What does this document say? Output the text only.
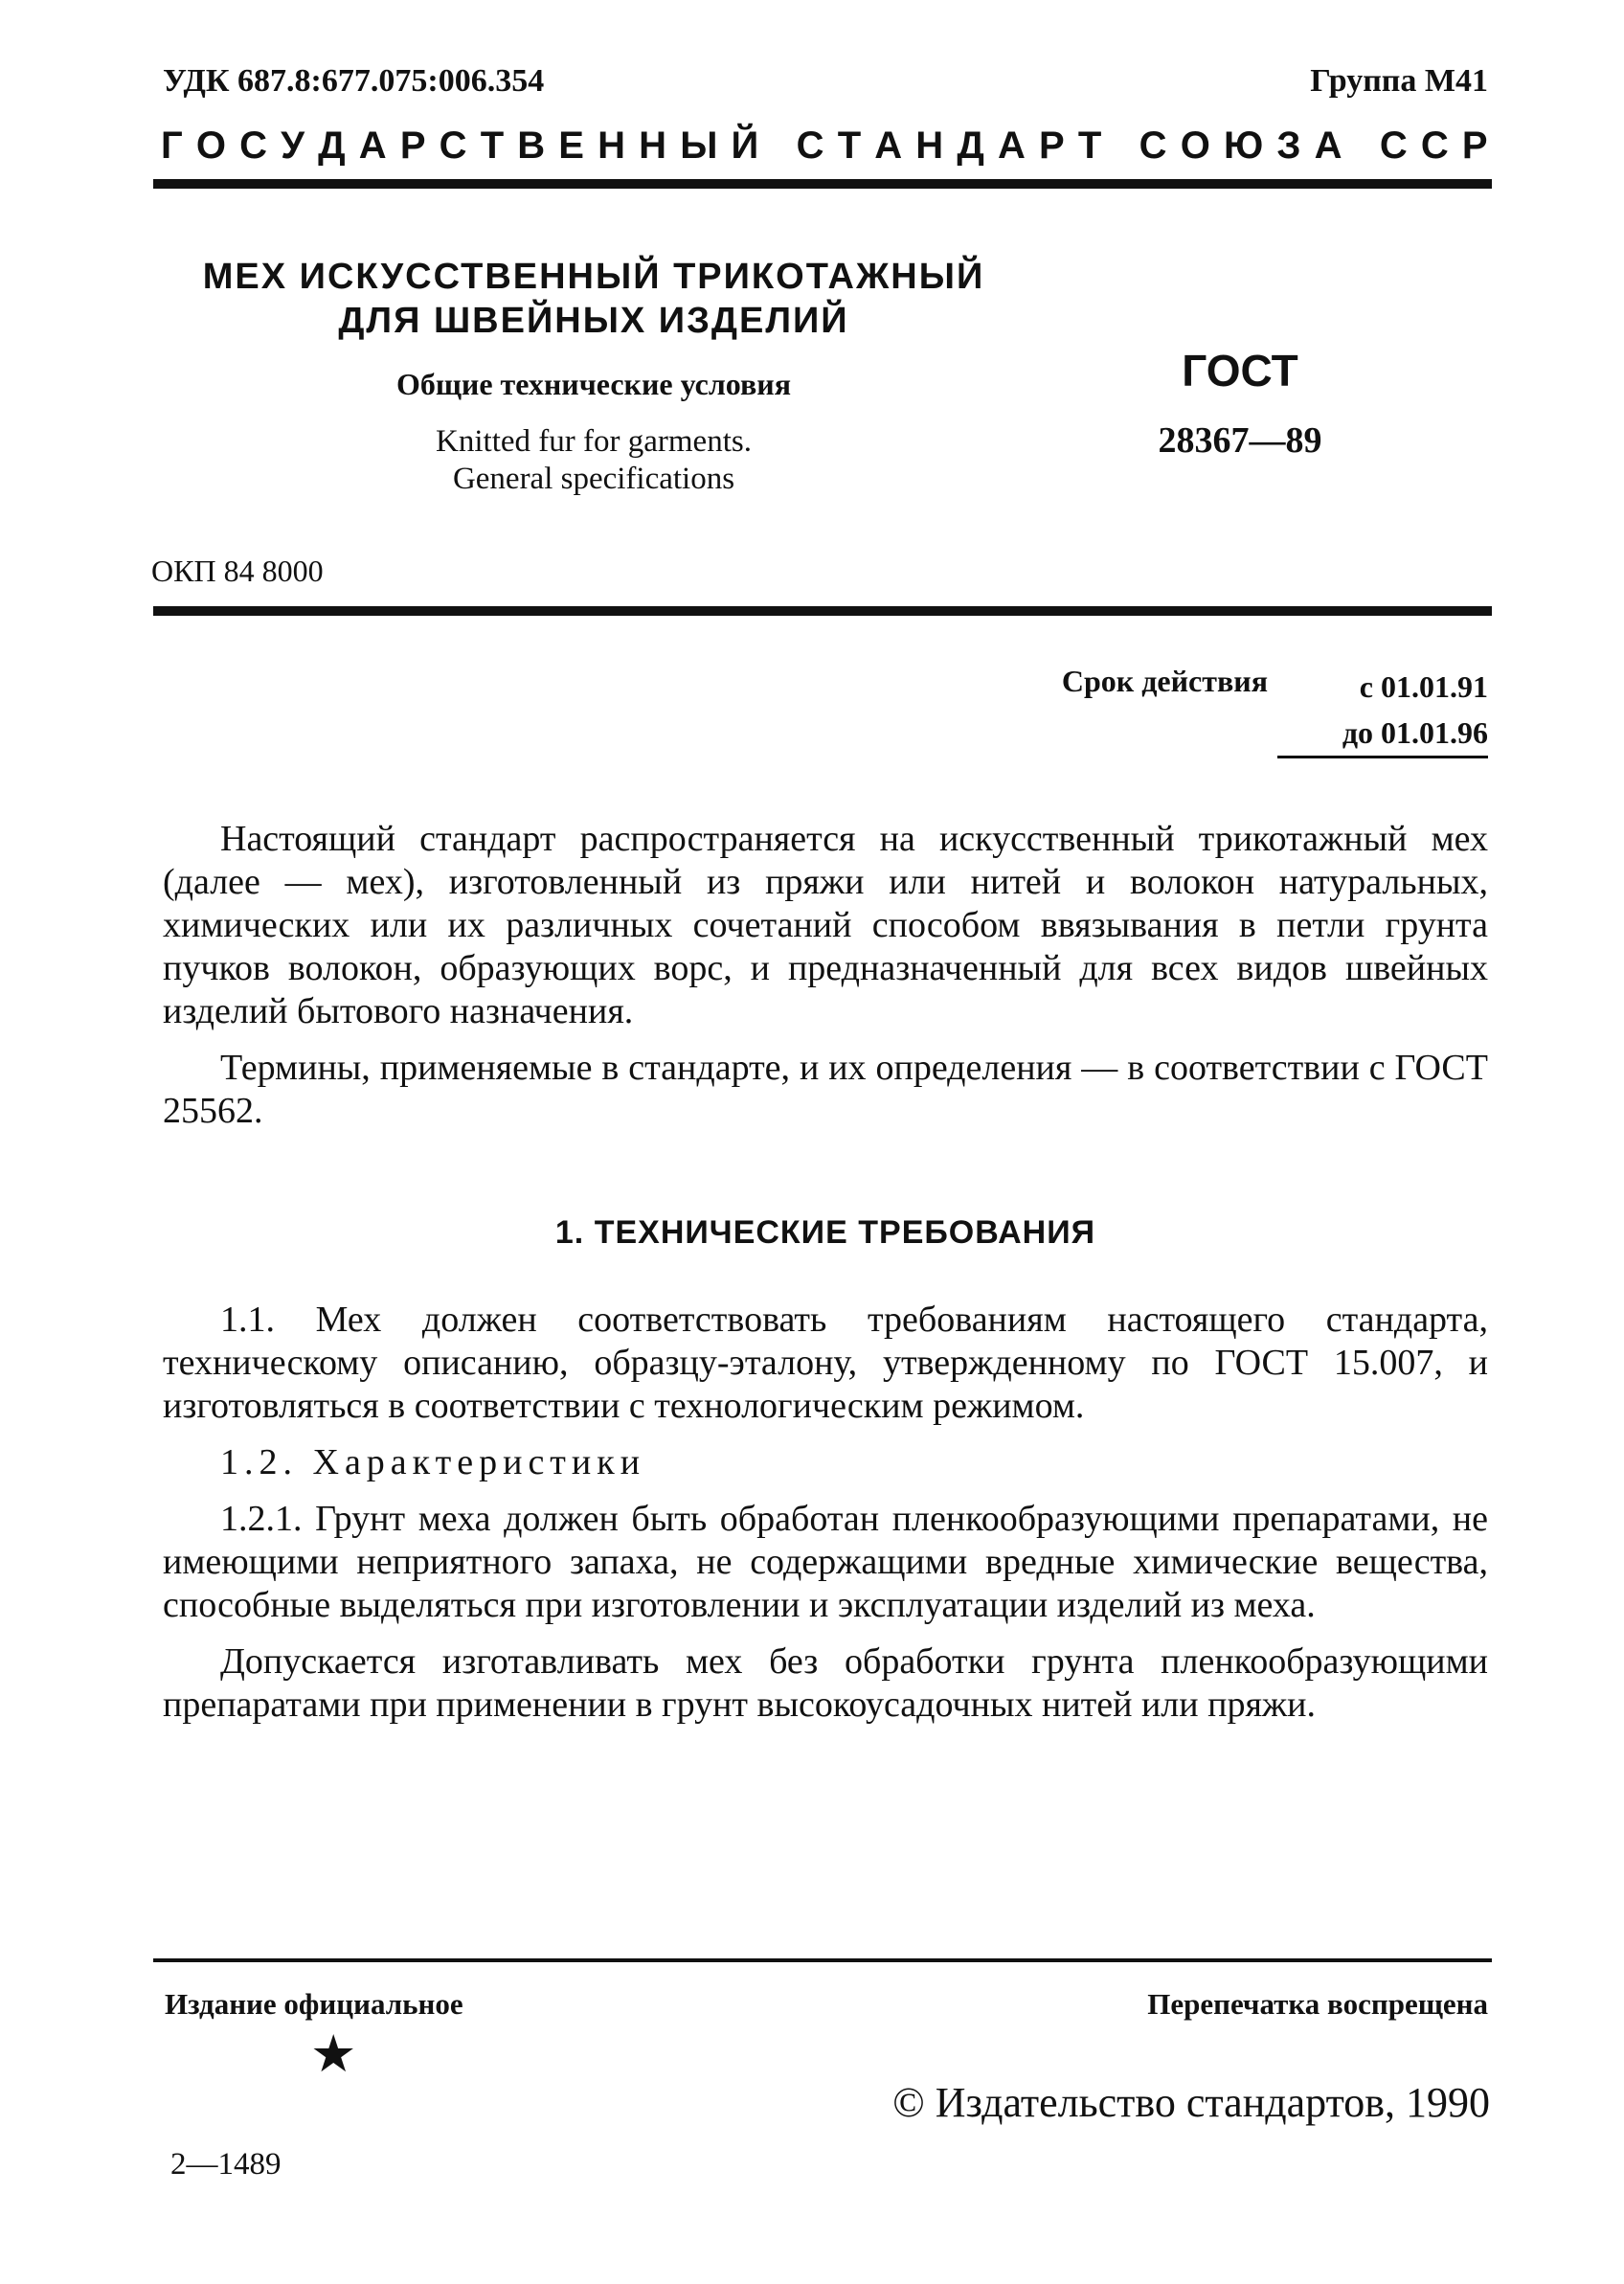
УДК 687.8:677.075:006.354	Группа М41
Г О С У Д А Р С Т В Е Н Н Ы Й
С Т А Н Д А Р Т
С О Ю З А
С С Р
МЕХ ИСКУССТВЕННЫЙ ТРИКОТАЖНЫЙ
ДЛЯ ШВЕЙНЫХ ИЗДЕЛИЙ
Общие технические условия
Knitted fur for garments.
General specifications
ГОСТ
28367—89
ОКП 84 8000
Срок действия	с 01.01.91
до 01.01.96

Настоящий стандарт распространяется на искусственный трикотажный мех (далее — мех), изготовленный из пряжи или нитей и волокон натуральных, химических или их различных сочетаний способом ввязывания в петли грунта пучков волокон, образующих ворс, и предназначенный для всех видов швейных изделий бытового назначения.

Термины, применяемые в стандарте, и их определения — в соответствии с ГОСТ 25562.

1. ТЕХНИЧЕСКИЕ ТРЕБОВАНИЯ

1.1. Мех должен соответствовать требованиям настоящего стандарта, техническому описанию, образцу-эталону, утвержденному по ГОСТ 15.007, и изготовляться в соответствии с технологическим режимом.

1.2. Характеристики

1.2.1. Грунт меха должен быть обработан пленкообразующими препаратами, не имеющими неприятного запаха, не содержащими вредные химические вещества, способные выделяться при изготовлении и эксплуатации изделий из меха.

Допускается изготавливать мех без обработки грунта пленкообразующими препаратами при применении в грунт высокоусадочных нитей или пряжи.

Издание официальное	Перепечатка воспрещена
★
© Издательство стандартов, 1990
2—1489
